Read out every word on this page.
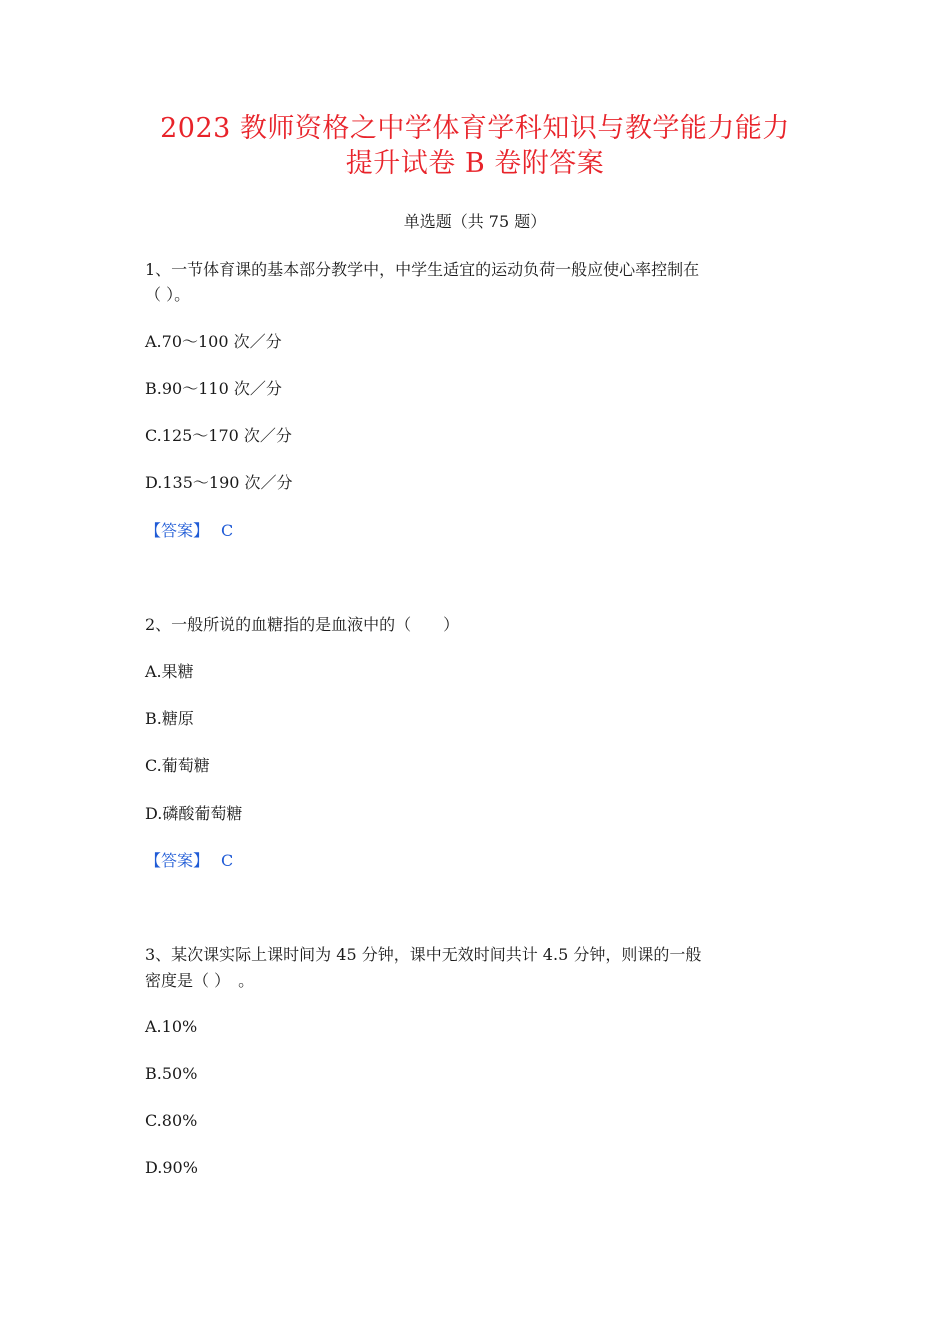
2023 教师资格之中学体育学科知识与教学能力能力
提升试卷 B 卷附答案
单选题（共 75 题）
1、一节体育课的基本部分教学中，中学生适宜的运动负荷一般应使心率控制在
（ ）。
A.70～100 次／分
B.90～110 次／分
C.125～170 次／分
D.135～190 次／分
【答案】 C
2、一般所说的血糖指的是血液中的（　　）
A.果糖
B.糖原
C.葡萄糖
D.磷酸葡萄糖
【答案】 C
3、某次课实际上课时间为 45 分钟，课中无效时间共计 4.5 分钟，则课的一般
密度是（ ）　。
A.10%
B.50%
C.80%
D.90%
